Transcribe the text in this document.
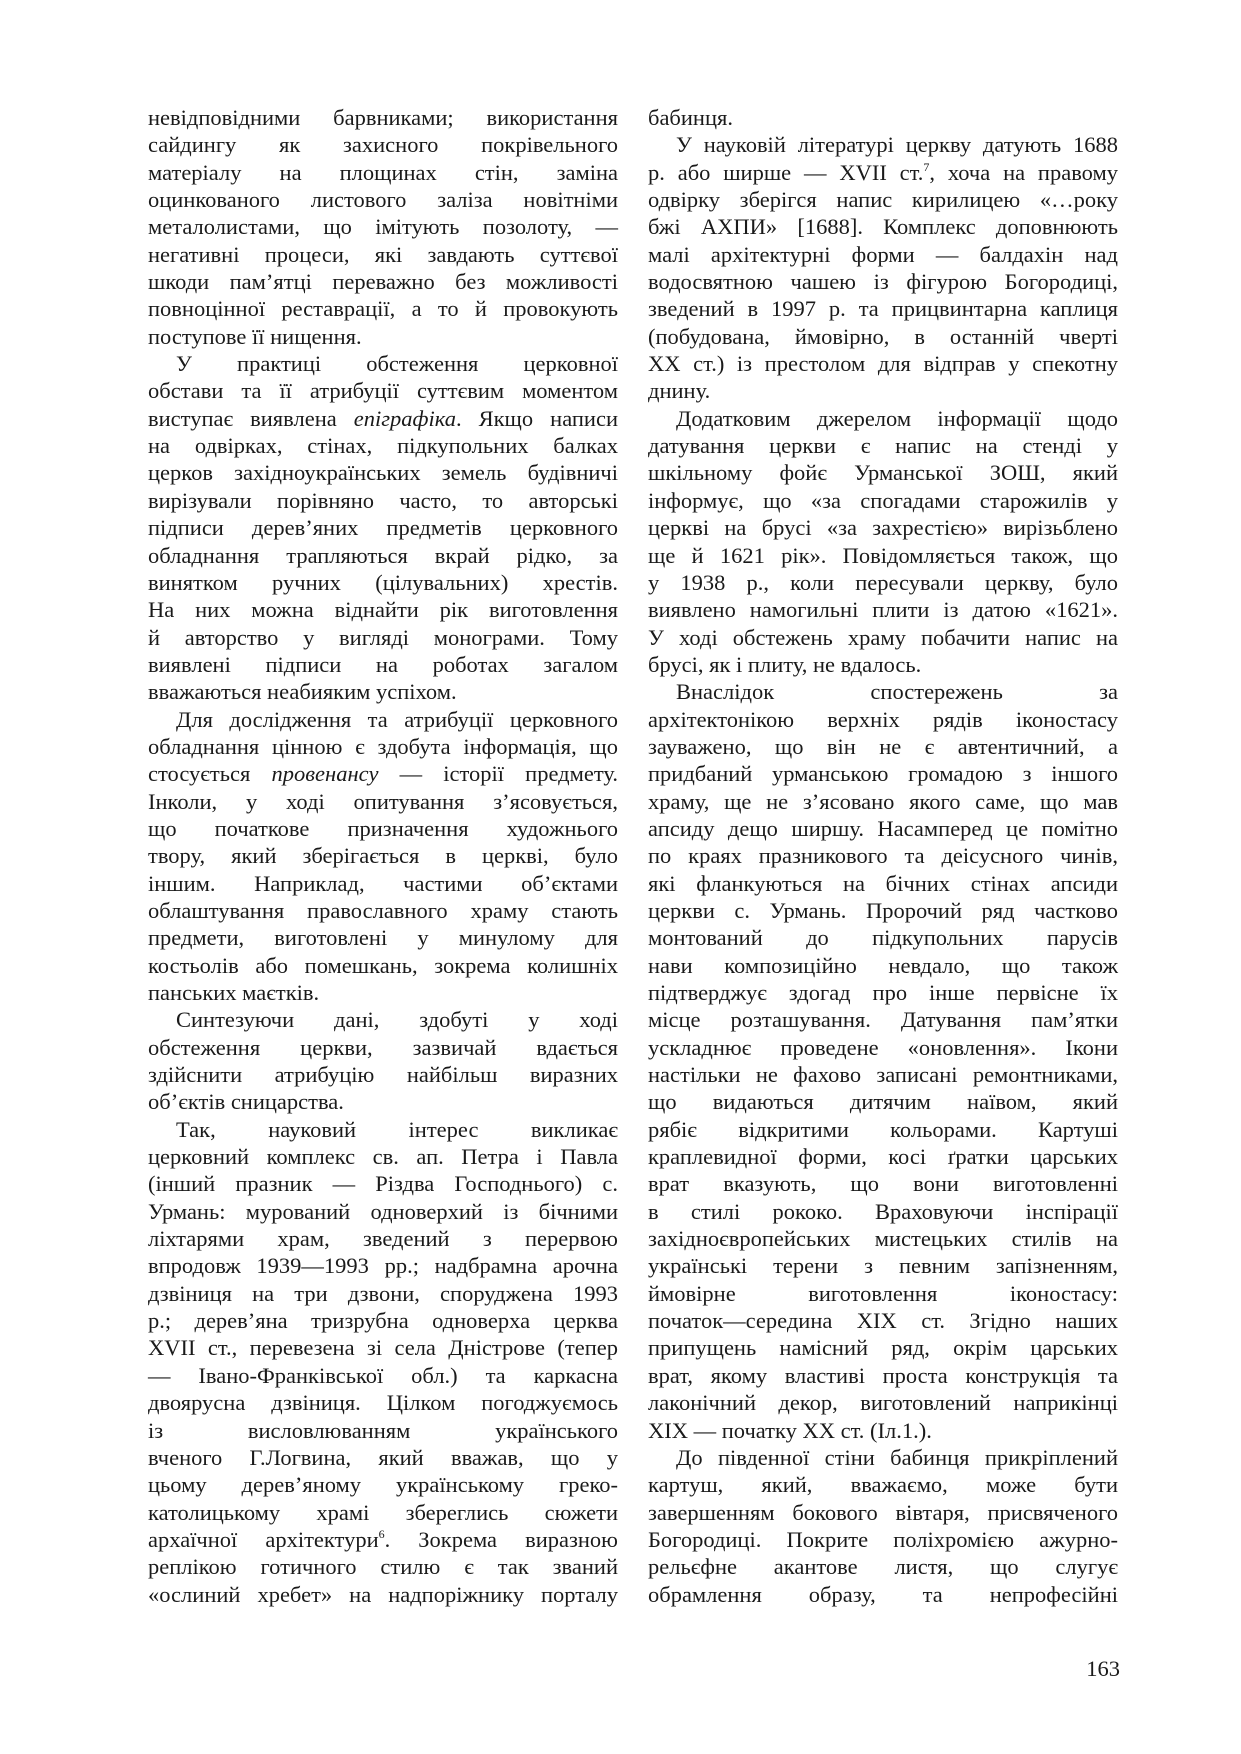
невідповідними барвниками; використання
сайдингу як захисного покрівельного
матеріалу на площинах стін, заміна
оцинкованого листового заліза новітніми
металолистами, що імітують позолоту, —
негативні процеси, які завдають суттєвої
шкоди пам’ятці переважно без можливості
повноцінної реставрації, а то й провокують
поступове її нищення.
У практиці обстеження церковної
обстави та її атрибуції суттєвим моментом
виступає виявлена епіграфіка. Якщо написи
на одвірках, стінах, підкупольних балках
церков західноукраїнських земель будівничі
вирізували порівняно часто, то авторські
підписи дерев’яних предметів церковного
обладнання трапляються вкрай рідко, за
винятком ручних (цілувальних) хрестів.
На них можна віднайти рік виготовлення
й авторство у вигляді монограми. Тому
виявлені підписи на роботах загалом
вважаються неабияким успіхом.
Для дослідження та атрибуції церковного
обладнання цінною є здобута інформація, що
стосується провенансу — історії предмету.
Інколи, у ході опитування з’ясовується,
що початкове призначення художнього
твору, який зберігається в церкві, було
іншим. Наприклад, частими об’єктами
облаштування православного храму стають
предмети, виготовлені у минулому для
костьолів або помешкань, зокрема колишніх
панських маєтків.
Синтезуючи дані, здобуті у ході
обстеження церкви, зазвичай вдається
здійснити атрибуцію найбільш виразних
об’єктів сницарства.
Так, науковий інтерес викликає
церковний комплекс св. ап. Петра і Павла
(інший празник — Різдва Господнього) с.
Урмань: мурований одноверхий із бічними
ліхтарями храм, зведений з перервою
впродовж 1939—1993 рр.; надбрамна арочна
дзвіниця на три дзвони, споруджена 1993
р.; дерев’яна тризрубна одноверха церква
XVII ст., перевезена зі села Дністрове (тепер
— Івано-Франківської обл.) та каркасна
двоярусна дзвіниця. Цілком погоджуємось
із висловлюванням українського
вченого Г.Логвина, який вважав, що у
цьому дерев’яному українському греко-
католицькому храмі збереглись сюжети
архаїчної архітектури$^6$. Зокрема виразною
реплікою готичного стилю є так званий
«ослиний хребет» на надпоріжнику порталу
бабинця.
У науковій літературі церкву датують 1688
р. або ширше — XVII ст.$^7$, хоча на правому
одвірку зберігся напис кирилицею «…року
бжі АХПИ» [1688]. Комплекс доповнюють
малі архітектурні форми — балдахін над
водосвятною чашею із фігурою Богородиці,
зведений в 1997 р. та прицвинтарна каплиця
(побудована, ймовірно, в останній чверті
XX ст.) із престолом для відправ у спекотну
днину.
Додатковим джерелом інформації щодо
датування церкви є напис на стенді у
шкільному фойє Урманської ЗОШ, який
інформує, що «за спогадами старожилів у
церкві на брусі «за захрестією» вирізьблено
ще й 1621 рік». Повідомляється також, що
у 1938 р., коли пересували церкву, було
виявлено намогильні плити із датою «1621».
У ході обстежень храму побачити напис на
брусі, як і плиту, не вдалось.
Внаслідок спостережень за
архітектонікою верхніх рядів іконостасу
зауважено, що він не є автентичний, а
придбаний урманською громадою з іншого
храму, ще не з’ясовано якого саме, що мав
апсиду дещо ширшу. Насамперед це помітно
по краях празникового та деісусного чинів,
які фланкуються на бічних стінах апсиди
церкви с. Урмань. Пророчий ряд частково
монтований до підкупольних парусів
нави композиційно невдало, що також
підтверджує здогад про інше первісне їх
місце розташування. Датування пам’ятки
ускладнює проведене «оновлення». Ікони
настільки не фахово записані ремонтниками,
що видаються дитячим наївом, який
рябіє відкритими кольорами. Картуші
краплевидної форми, косі ґратки царських
врат вказують, що вони виготовленні
в стилі рококо. Враховуючи інспірації
західноєвропейських мистецьких стилів на
українські терени з певним запізненням,
ймовірне виготовлення іконостасу:
початок—середина XIX ст. Згідно наших
припущень намісний ряд, окрім царських
врат, якому властиві проста конструкція та
лаконічний декор, виготовлений наприкінці
XIX — початку XX ст. (Іл.1.).
До південної стіни бабинця прикріплений
картуш, який, вважаємо, може бути
завершенням бокового вівтаря, присвяченого
Богородиці. Покрите поліхромією ажурно-
рельєфне акантове листя, що слугує
обрамлення образу, та непрофесійні
163
